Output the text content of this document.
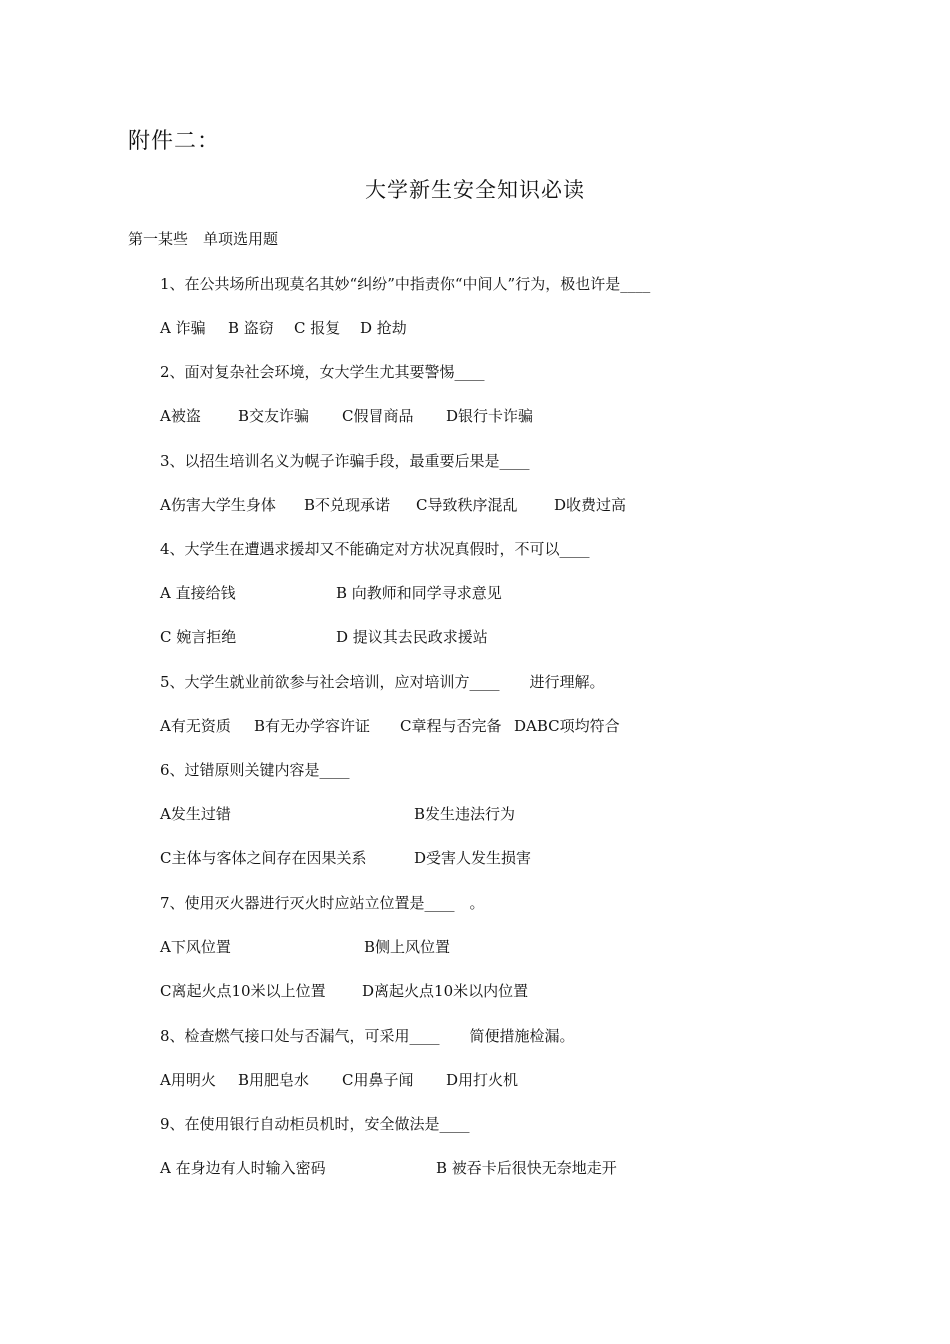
附件二：
大学新生安全知识必读
第一某些　单项选用题
1、在公共场所出现莫名其妙“纠纷”中指责你“中间人”行为，极也许是____
A 诈骗 B 盗窃 C 报复 D 抢劫
2、面对复杂社会环境，女大学生尤其要警惕____
A被盗 B交友诈骗 C假冒商品 D银行卡诈骗
3、以招生培训名义为幌子诈骗手段，最重要后果是____
A伤害大学生身体 B不兑现承诺 C导致秩序混乱 D收费过高
4、大学生在遭遇求援却又不能确定对方状况真假时，不可以____
A 直接给钱	B 向教师和同学寻求意见
C 婉言拒绝	D 提议其去民政求援站
5、大学生就业前欲参与社会培训，应对培训方____　　进行理解。
A有无资质 B有无办学容许证 C章程与否完备 DABC项均符合
6、过错原则关键内容是____
A发生过错	B发生违法行为
C主体与客体之间存在因果关系	D受害人发生损害
7、使用灭火器进行灭火时应站立位置是____　。
A下风位置	B侧上风位置
C离起火点10米以上位置 D离起火点10米以内位置
8、检查燃气接口处与否漏气，可采用____　　简便措施检漏。
A用明火 B用肥皂水 C用鼻子闻 D用打火机
9、在使用银行自动柜员机时，安全做法是____
A 在身边有人时输入密码	B 被吞卡后很快无奈地走开
